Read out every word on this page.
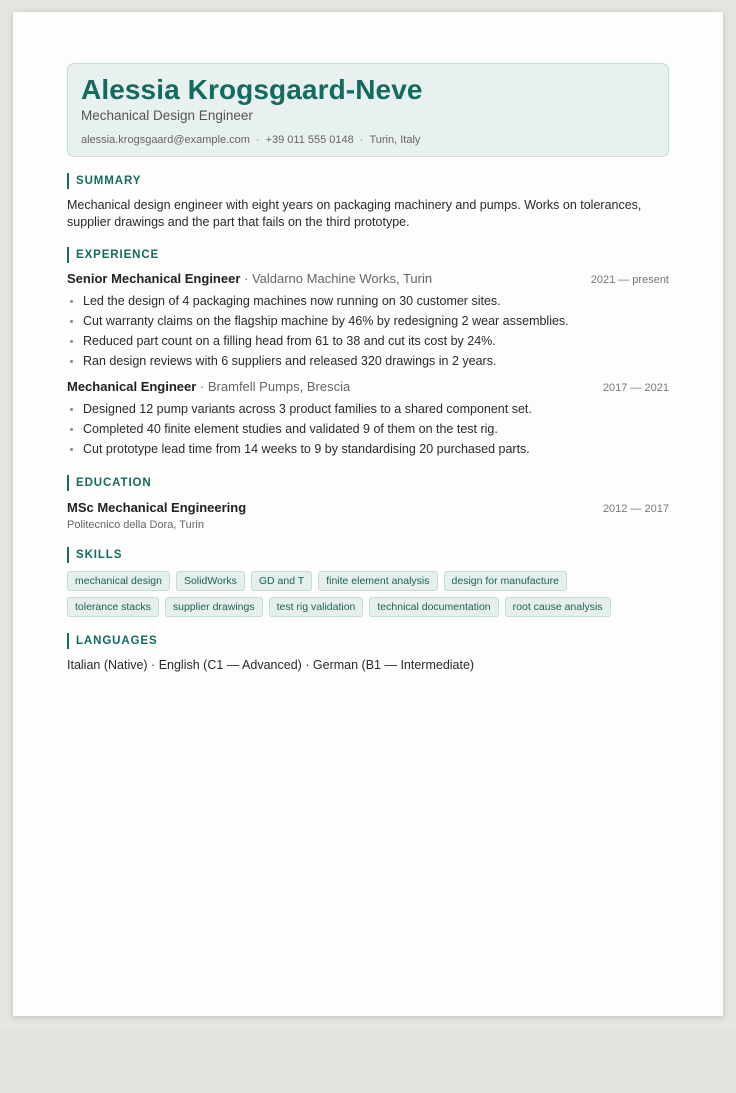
Alessia Krogsgaard-Neve
Mechanical Design Engineer
alessia.krogsgaard@example.com · +39 011 555 0148 · Turin, Italy
SUMMARY
Mechanical design engineer with eight years on packaging machinery and pumps. Works on tolerances, supplier drawings and the part that fails on the third prototype.
EXPERIENCE
Senior Mechanical Engineer · Valdarno Machine Works, Turin	2021 — present
• Led the design of 4 packaging machines now running on 30 customer sites.
• Cut warranty claims on the flagship machine by 46% by redesigning 2 wear assemblies.
• Reduced part count on a filling head from 61 to 38 and cut its cost by 24%.
• Ran design reviews with 6 suppliers and released 320 drawings in 2 years.
Mechanical Engineer · Bramfell Pumps, Brescia	2017 — 2021
• Designed 12 pump variants across 3 product families to a shared component set.
• Completed 40 finite element studies and validated 9 of them on the test rig.
• Cut prototype lead time from 14 weeks to 9 by standardising 20 purchased parts.
EDUCATION
MSc Mechanical Engineering	2012 — 2017
Politecnico della Dora, Turin
SKILLS
mechanical design	SolidWorks	GD and T	finite element analysis	design for manufacture
tolerance stacks	supplier drawings	test rig validation	technical documentation	root cause analysis
LANGUAGES
Italian (Native) · English (C1 — Advanced) · German (B1 — Intermediate)
